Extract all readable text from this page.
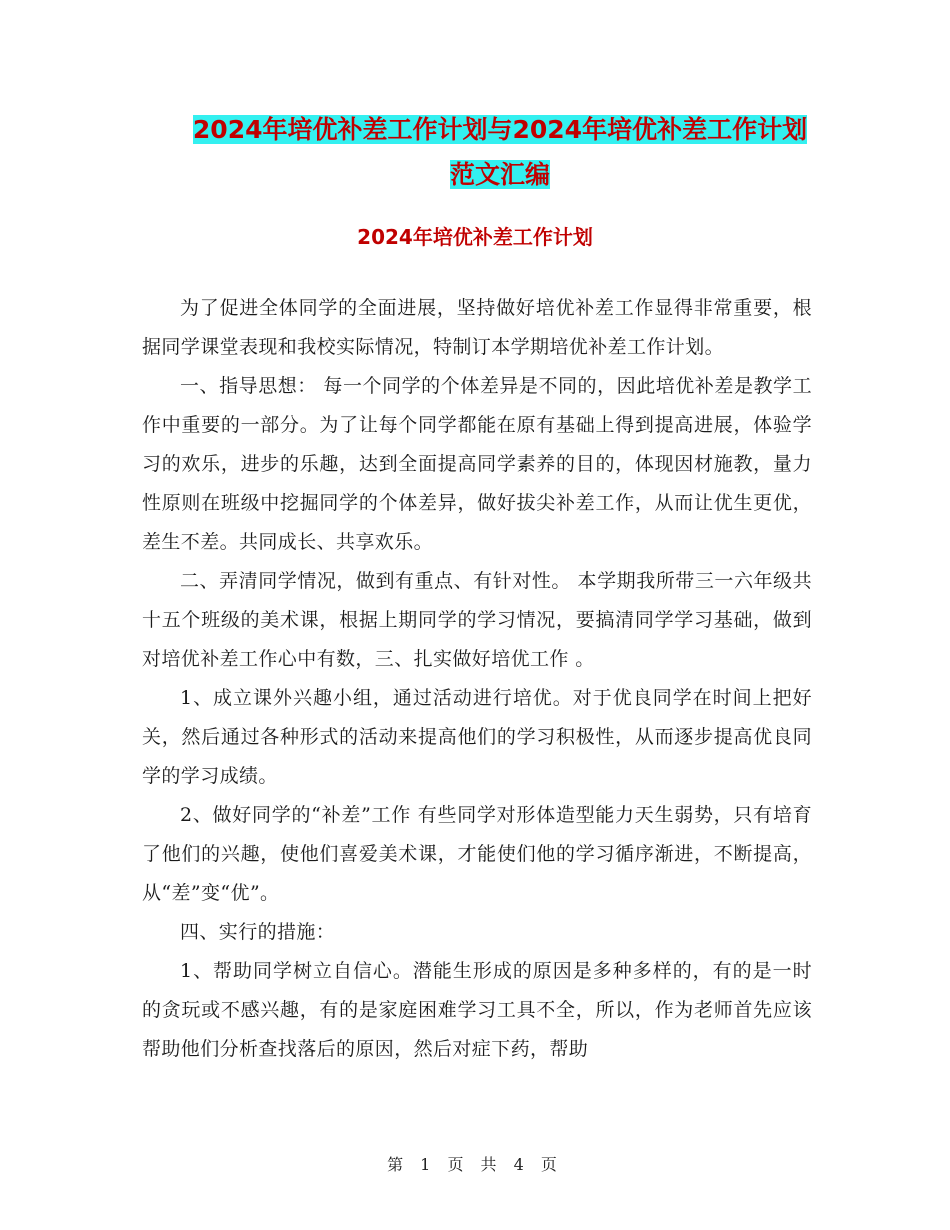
2024年培优补差工作计划与2024年培优补差工作计划
范文汇编
2024年培优补差工作计划

为了促进全体同学的全面进展，坚持做好培优补差工作显得非常重要，根据同学课堂表现和我校实际情况，特制订本学期培优补差工作计划。

一、指导思想： 每一个同学的个体差异是不同的，因此培优补差是教学工作中重要的一部分。为了让每个同学都能在原有基础上得到提高进展，体验学习的欢乐，进步的乐趣，达到全面提高同学素养的目的，体现因材施教，量力性原则在班级中挖掘同学的个体差异，做好拔尖补差工作，从而让优生更优，差生不差。共同成长、共享欢乐。

二、弄清同学情况，做到有重点、有针对性。 本学期我所带三一六年级共十五个班级的美术课，根据上期同学的学习情况，要搞清同学学习基础，做到对培优补差工作心中有数，三、扎实做好培优工作 。

1、成立课外兴趣小组，通过活动进行培优。对于优良同学在时间上把好关，然后通过各种形式的活动来提高他们的学习积极性，从而逐步提高优良同学的学习成绩。

2、做好同学的“补差”工作 有些同学对形体造型能力天生弱势，只有培育了他们的兴趣，使他们喜爱美术课，才能使们他的学习循序渐进，不断提高，从“差”变“优”。

四、实行的措施：

1、帮助同学树立自信心。潜能生形成的原因是多种多样的，有的是一时的贪玩或不感兴趣，有的是家庭困难学习工具不全，所以，作为老师首先应该帮助他们分析查找落后的原因，然后对症下药，帮助

第 1 页 共 4 页
